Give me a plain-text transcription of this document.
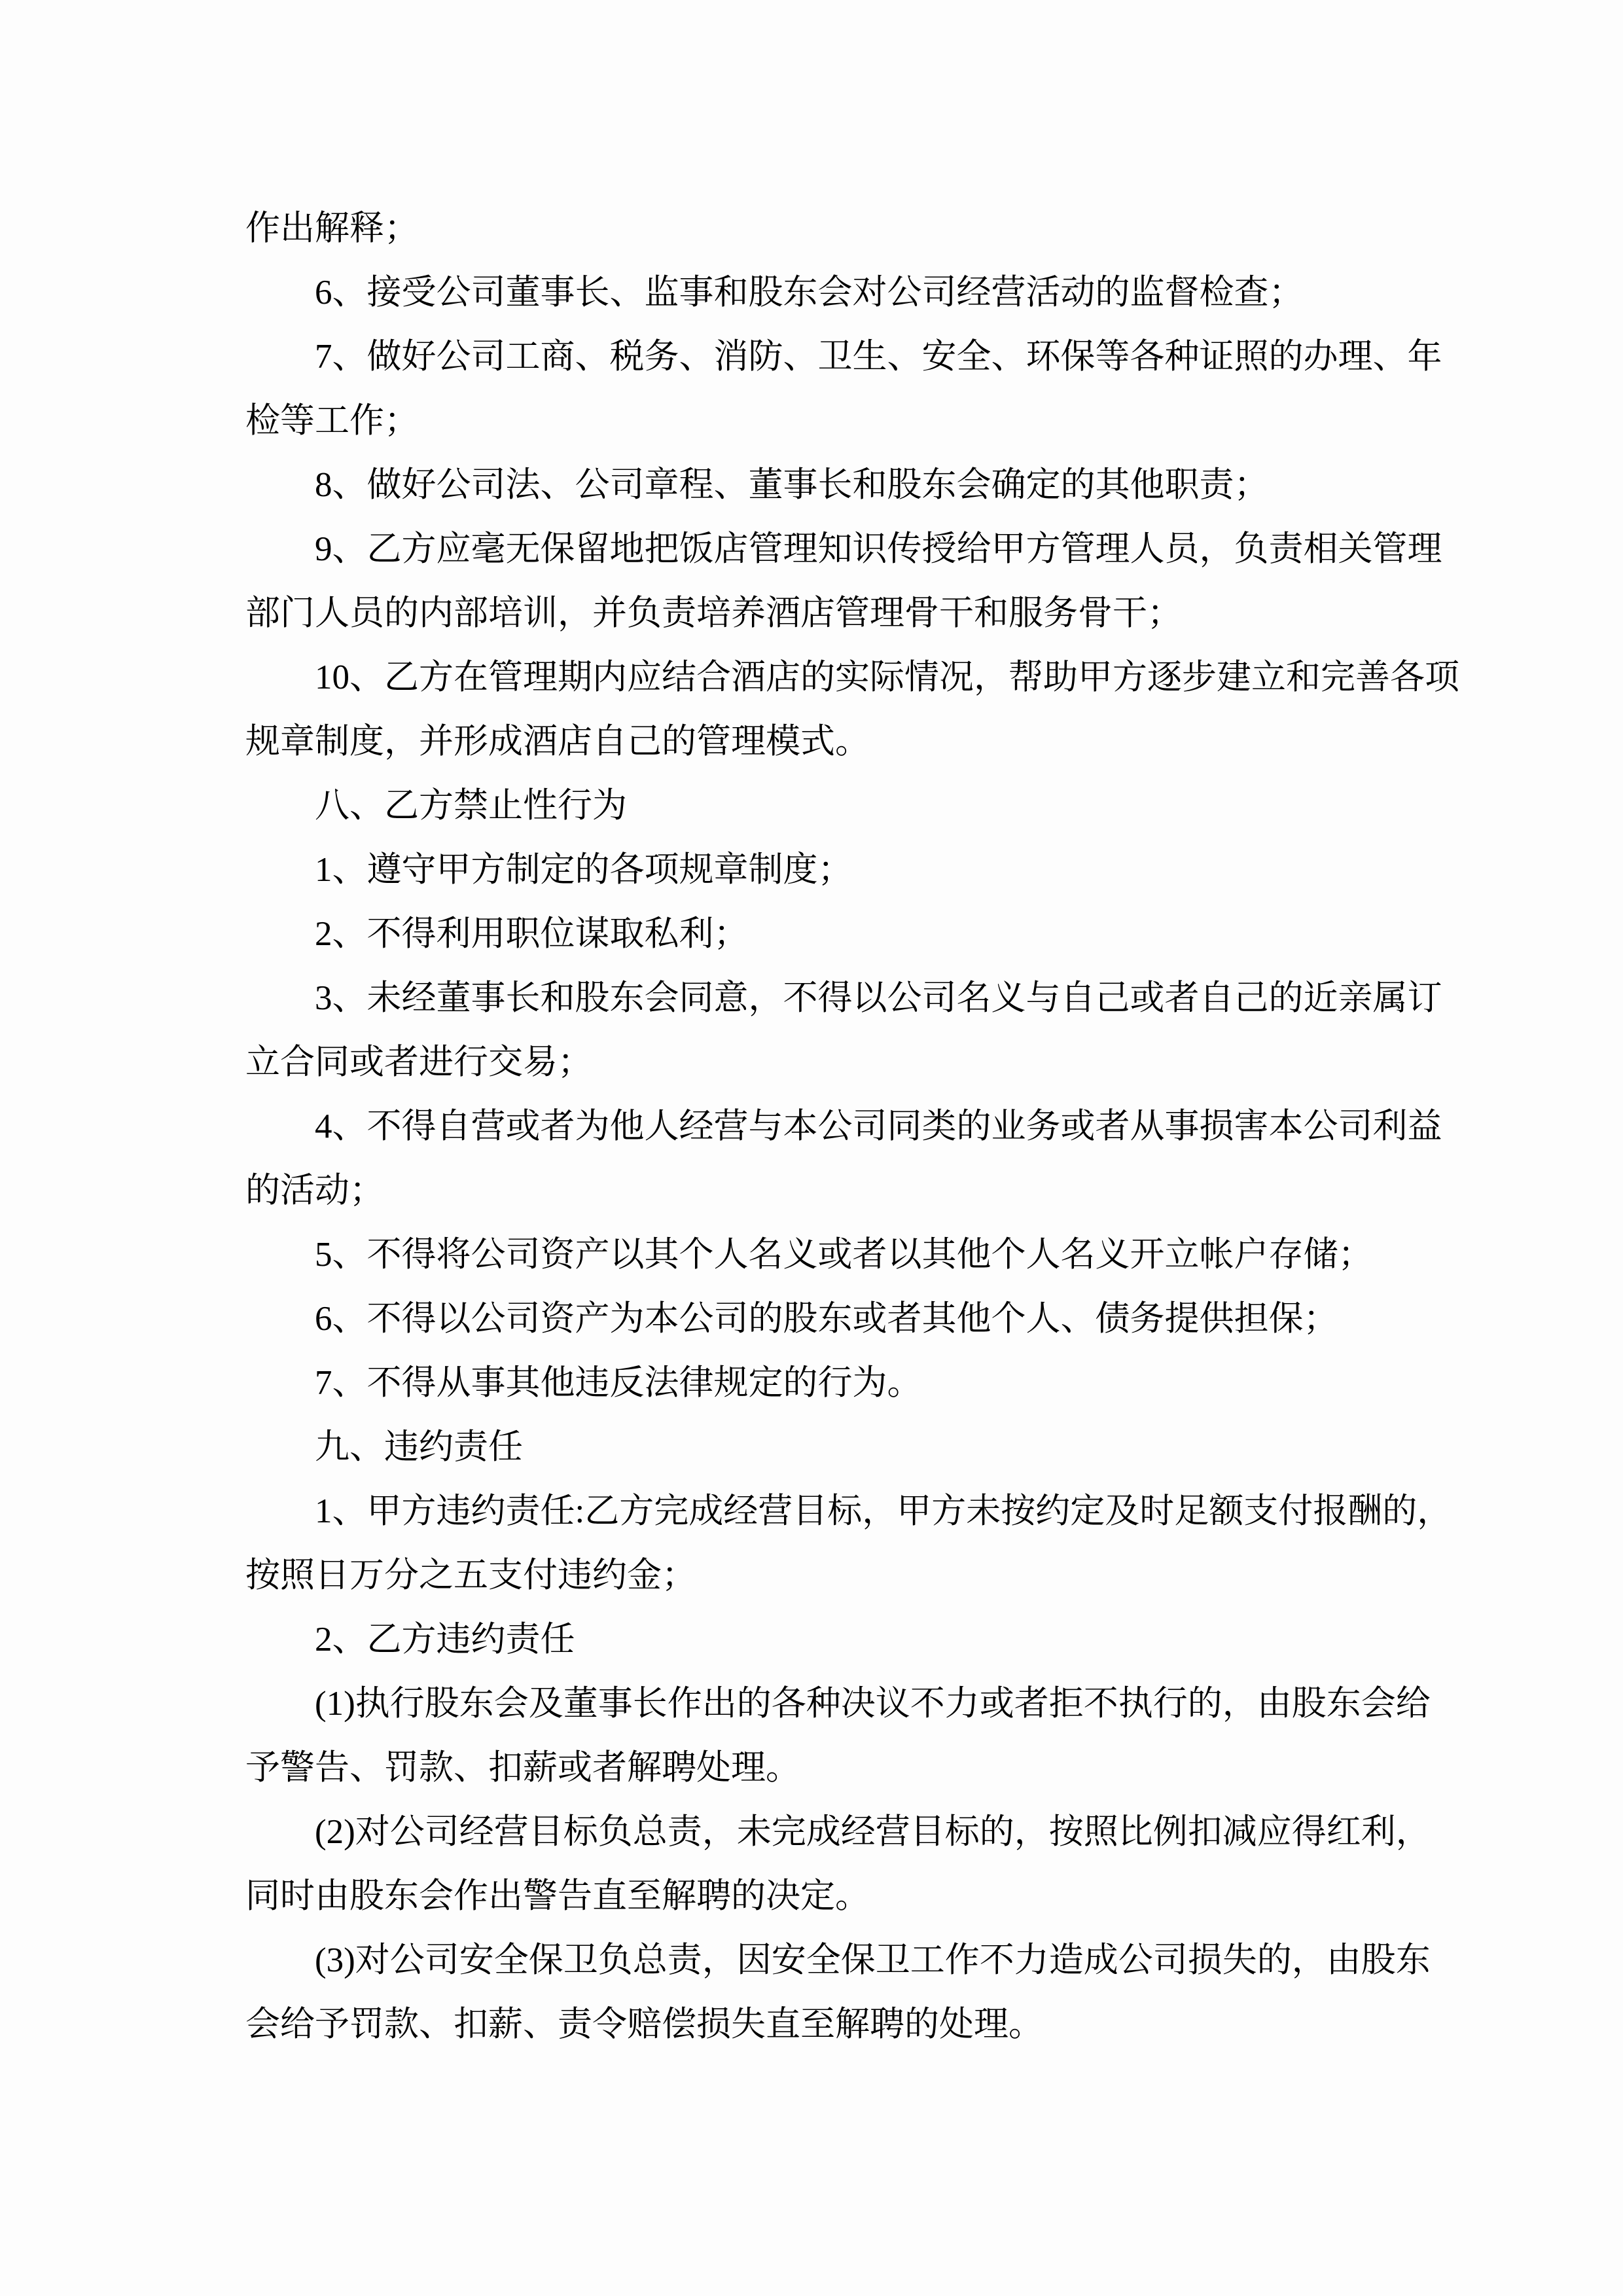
作出解释；

6、接受公司董事长、监事和股东会对公司经营活动的监督检查；

7、做好公司工商、税务、消防、卫生、安全、环保等各种证照的办理、年

检等工作；

8、做好公司法、公司章程、董事长和股东会确定的其他职责；

9、乙方应毫无保留地把饭店管理知识传授给甲方管理人员，负责相关管理

部门人员的内部培训，并负责培养酒店管理骨干和服务骨干；

10、乙方在管理期内应结合酒店的实际情况，帮助甲方逐步建立和完善各项

规章制度，并形成酒店自己的管理模式。

八、乙方禁止性行为

1、遵守甲方制定的各项规章制度；

2、不得利用职位谋取私利；

3、未经董事长和股东会同意，不得以公司名义与自己或者自己的近亲属订

立合同或者进行交易；

4、不得自营或者为他人经营与本公司同类的业务或者从事损害本公司利益

的活动；

5、不得将公司资产以其个人名义或者以其他个人名义开立帐户存储；

6、不得以公司资产为本公司的股东或者其他个人、债务提供担保；

7、不得从事其他违反法律规定的行为。

九、违约责任

1、甲方违约责任:乙方完成经营目标，甲方未按约定及时足额支付报酬的，

按照日万分之五支付违约金；

2、乙方违约责任

(1)执行股东会及董事长作出的各种决议不力或者拒不执行的，由股东会给

予警告、罚款、扣薪或者解聘处理。

(2)对公司经营目标负总责，未完成经营目标的，按照比例扣减应得红利，

同时由股东会作出警告直至解聘的决定。

(3)对公司安全保卫负总责，因安全保卫工作不力造成公司损失的，由股东

会给予罚款、扣薪、责令赔偿损失直至解聘的处理。
